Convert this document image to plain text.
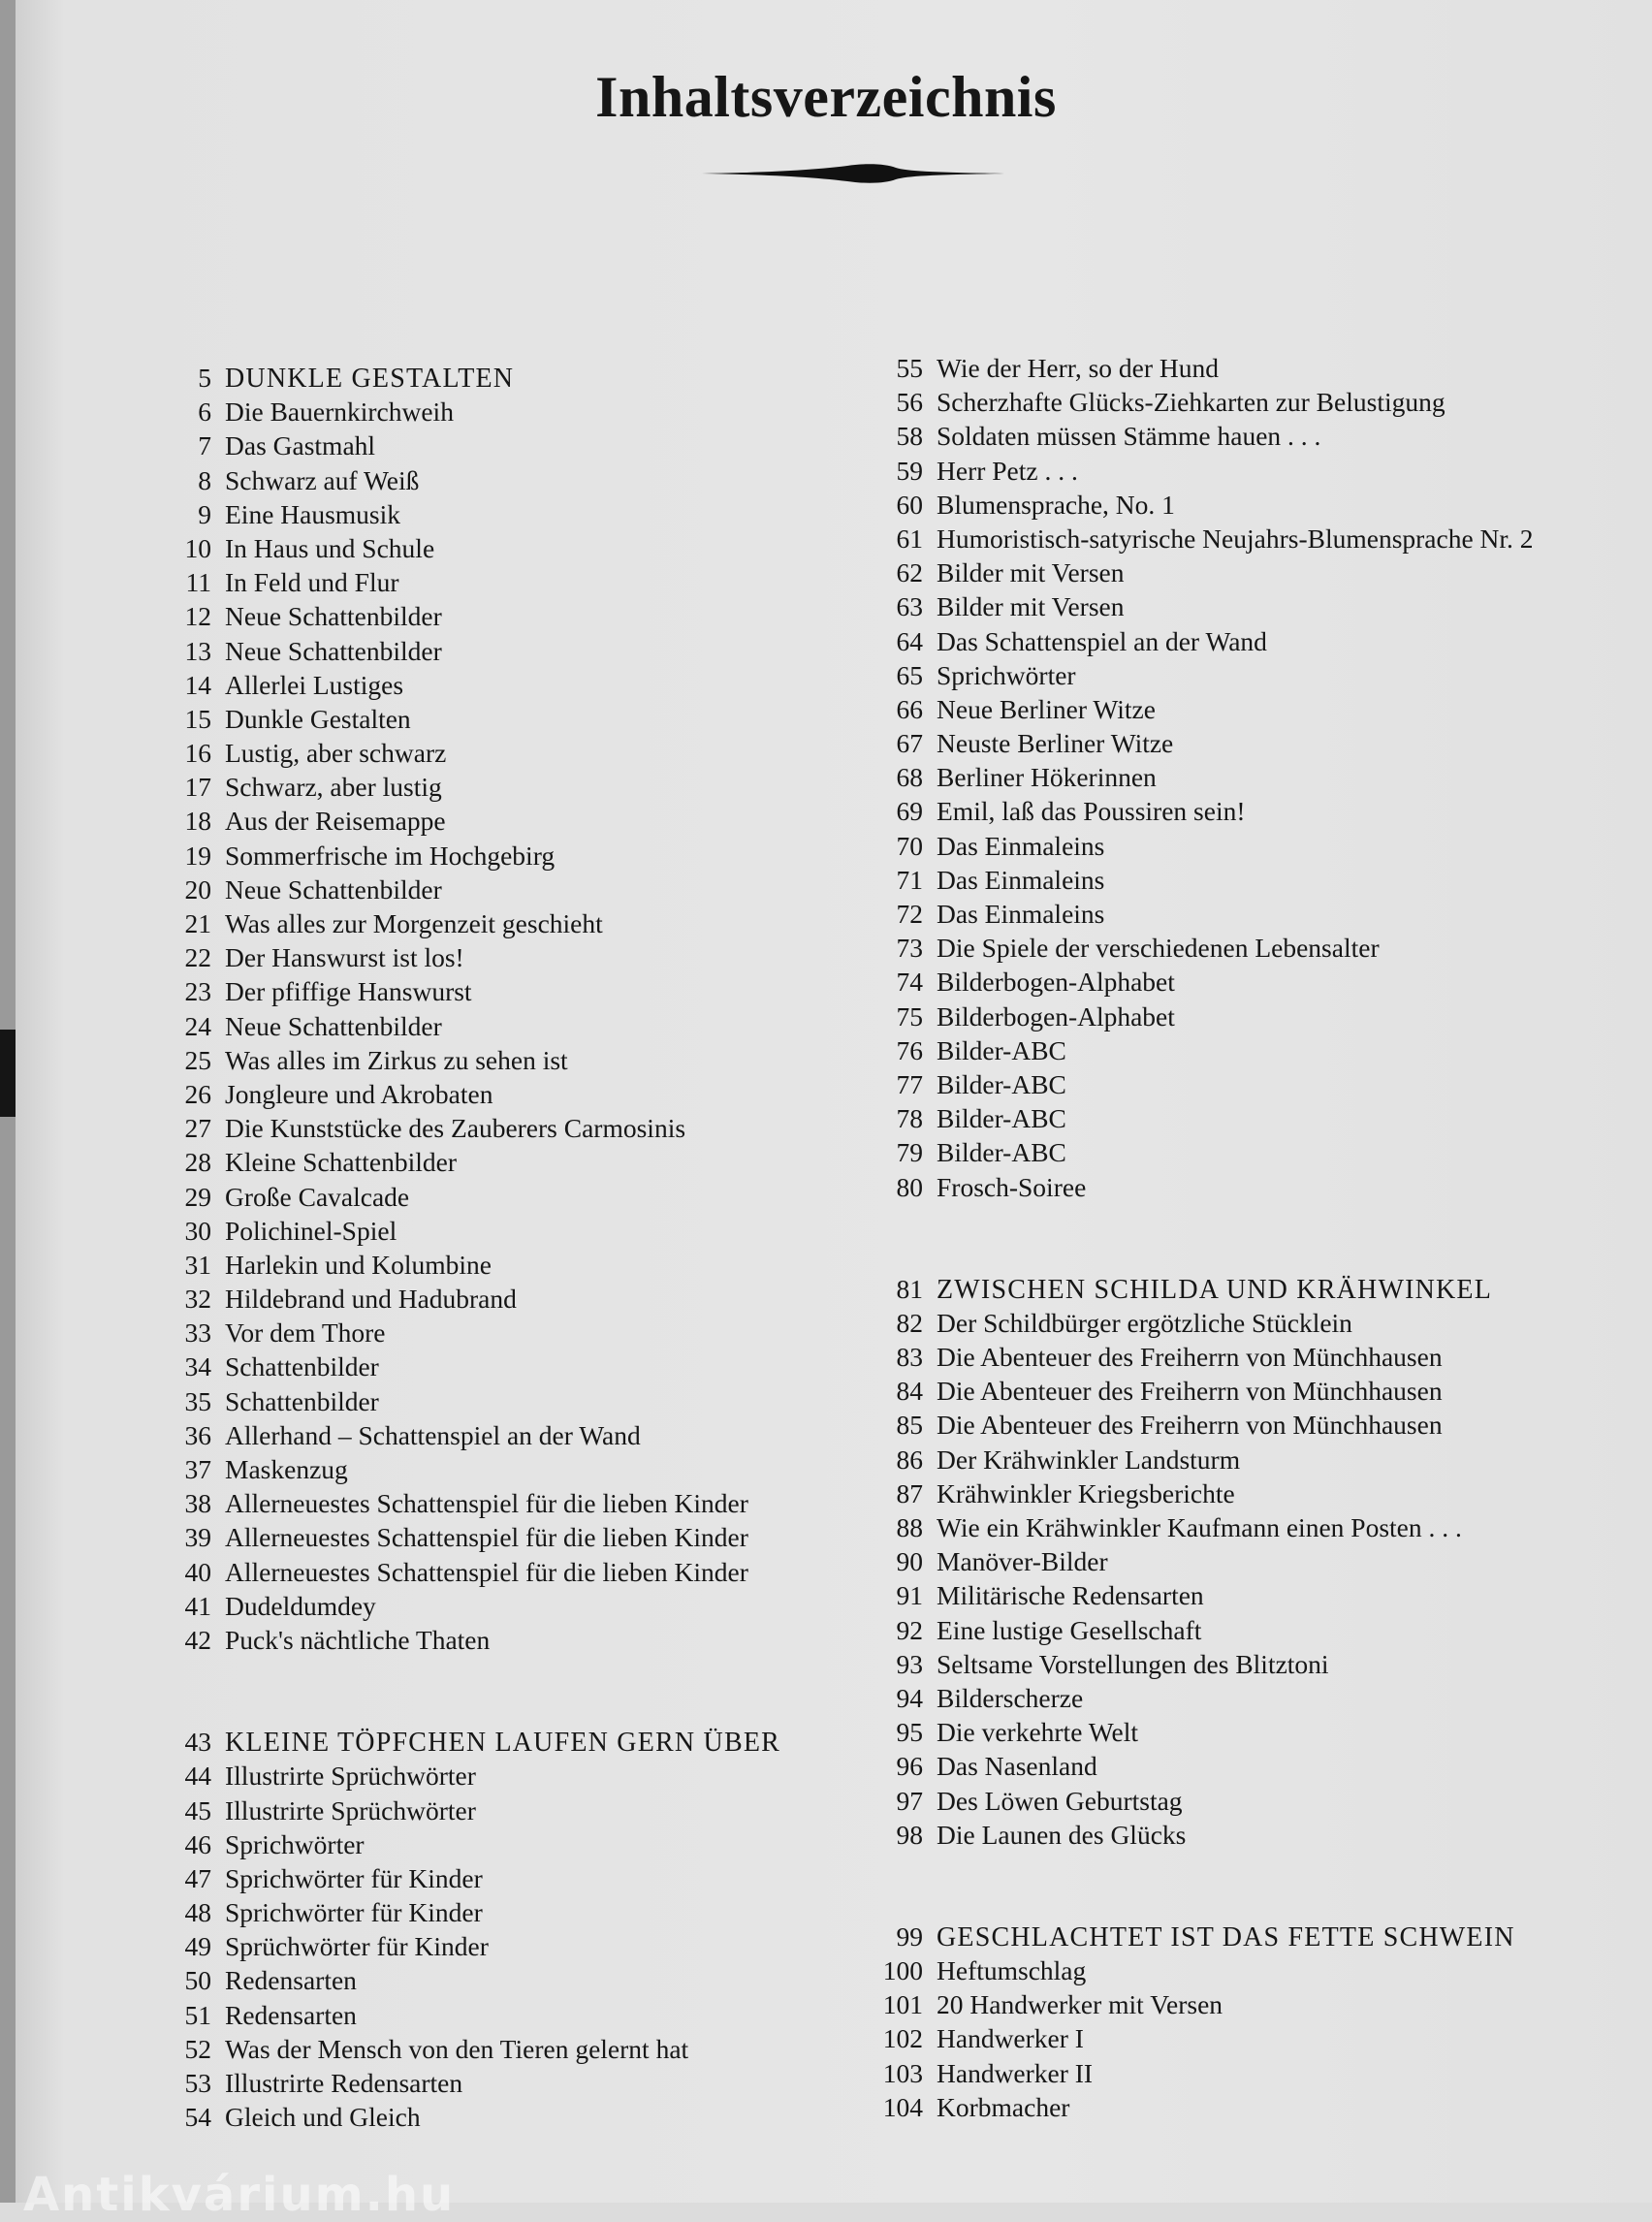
Inhaltsverzeichnis
5 DUNKLE GESTALTEN
6 Die Bauernkirchweih
7 Das Gastmahl
8 Schwarz auf Weiß
9 Eine Hausmusik
10 In Haus und Schule
11 In Feld und Flur
12 Neue Schattenbilder
13 Neue Schattenbilder
14 Allerlei Lustiges
15 Dunkle Gestalten
16 Lustig, aber schwarz
17 Schwarz, aber lustig
18 Aus der Reisemappe
19 Sommerfrische im Hochgebirg
20 Neue Schattenbilder
21 Was alles zur Morgenzeit geschieht
22 Der Hanswurst ist los!
23 Der pfiffige Hanswurst
24 Neue Schattenbilder
25 Was alles im Zirkus zu sehen ist
26 Jongleure und Akrobaten
27 Die Kunststücke des Zauberers Carmosinis
28 Kleine Schattenbilder
29 Große Cavalcade
30 Polichinel-Spiel
31 Harlekin und Kolumbine
32 Hildebrand und Hadubrand
33 Vor dem Thore
34 Schattenbilder
35 Schattenbilder
36 Allerhand – Schattenspiel an der Wand
37 Maskenzug
38 Allerneuestes Schattenspiel für die lieben Kinder
39 Allerneuestes Schattenspiel für die lieben Kinder
40 Allerneuestes Schattenspiel für die lieben Kinder
41 Dudeldumdey
42 Puck's nächtliche Thaten
43 KLEINE TÖPFCHEN LAUFEN GERN ÜBER
44 Illustrirte Sprüchwörter
45 Illustrirte Sprüchwörter
46 Sprichwörter
47 Sprichwörter für Kinder
48 Sprichwörter für Kinder
49 Sprüchwörter für Kinder
50 Redensarten
51 Redensarten
52 Was der Mensch von den Tieren gelernt hat
53 Illustrirte Redensarten
54 Gleich und Gleich
55 Wie der Herr, so der Hund
56 Scherzhafte Glücks-Ziehkarten zur Belustigung
58 Soldaten müssen Stämme hauen . . .
59 Herr Petz . . .
60 Blumensprache, No. 1
61 Humoristisch-satyrische Neujahrs-Blumensprache Nr. 2
62 Bilder mit Versen
63 Bilder mit Versen
64 Das Schattenspiel an der Wand
65 Sprichwörter
66 Neue Berliner Witze
67 Neuste Berliner Witze
68 Berliner Hökerinnen
69 Emil, laß das Poussiren sein!
70 Das Einmaleins
71 Das Einmaleins
72 Das Einmaleins
73 Die Spiele der verschiedenen Lebensalter
74 Bilderbogen-Alphabet
75 Bilderbogen-Alphabet
76 Bilder-ABC
77 Bilder-ABC
78 Bilder-ABC
79 Bilder-ABC
80 Frosch-Soiree
81 ZWISCHEN SCHILDA UND KRÄHWINKEL
82 Der Schildbürger ergötzliche Stücklein
83 Die Abenteuer des Freiherrn von Münchhausen
84 Die Abenteuer des Freiherrn von Münchhausen
85 Die Abenteuer des Freiherrn von Münchhausen
86 Der Krähwinkler Landsturm
87 Krähwinkler Kriegsberichte
88 Wie ein Krähwinkler Kaufmann einen Posten . . .
90 Manöver-Bilder
91 Militärische Redensarten
92 Eine lustige Gesellschaft
93 Seltsame Vorstellungen des Blitztoni
94 Bilderscherze
95 Die verkehrte Welt
96 Das Nasenland
97 Des Löwen Geburtstag
98 Die Launen des Glücks
99 GESCHLACHTET IST DAS FETTE SCHWEIN
100 Heftumschlag
101 20 Handwerker mit Versen
102 Handwerker I
103 Handwerker II
104 Korbmacher
Antikvárium.hu
